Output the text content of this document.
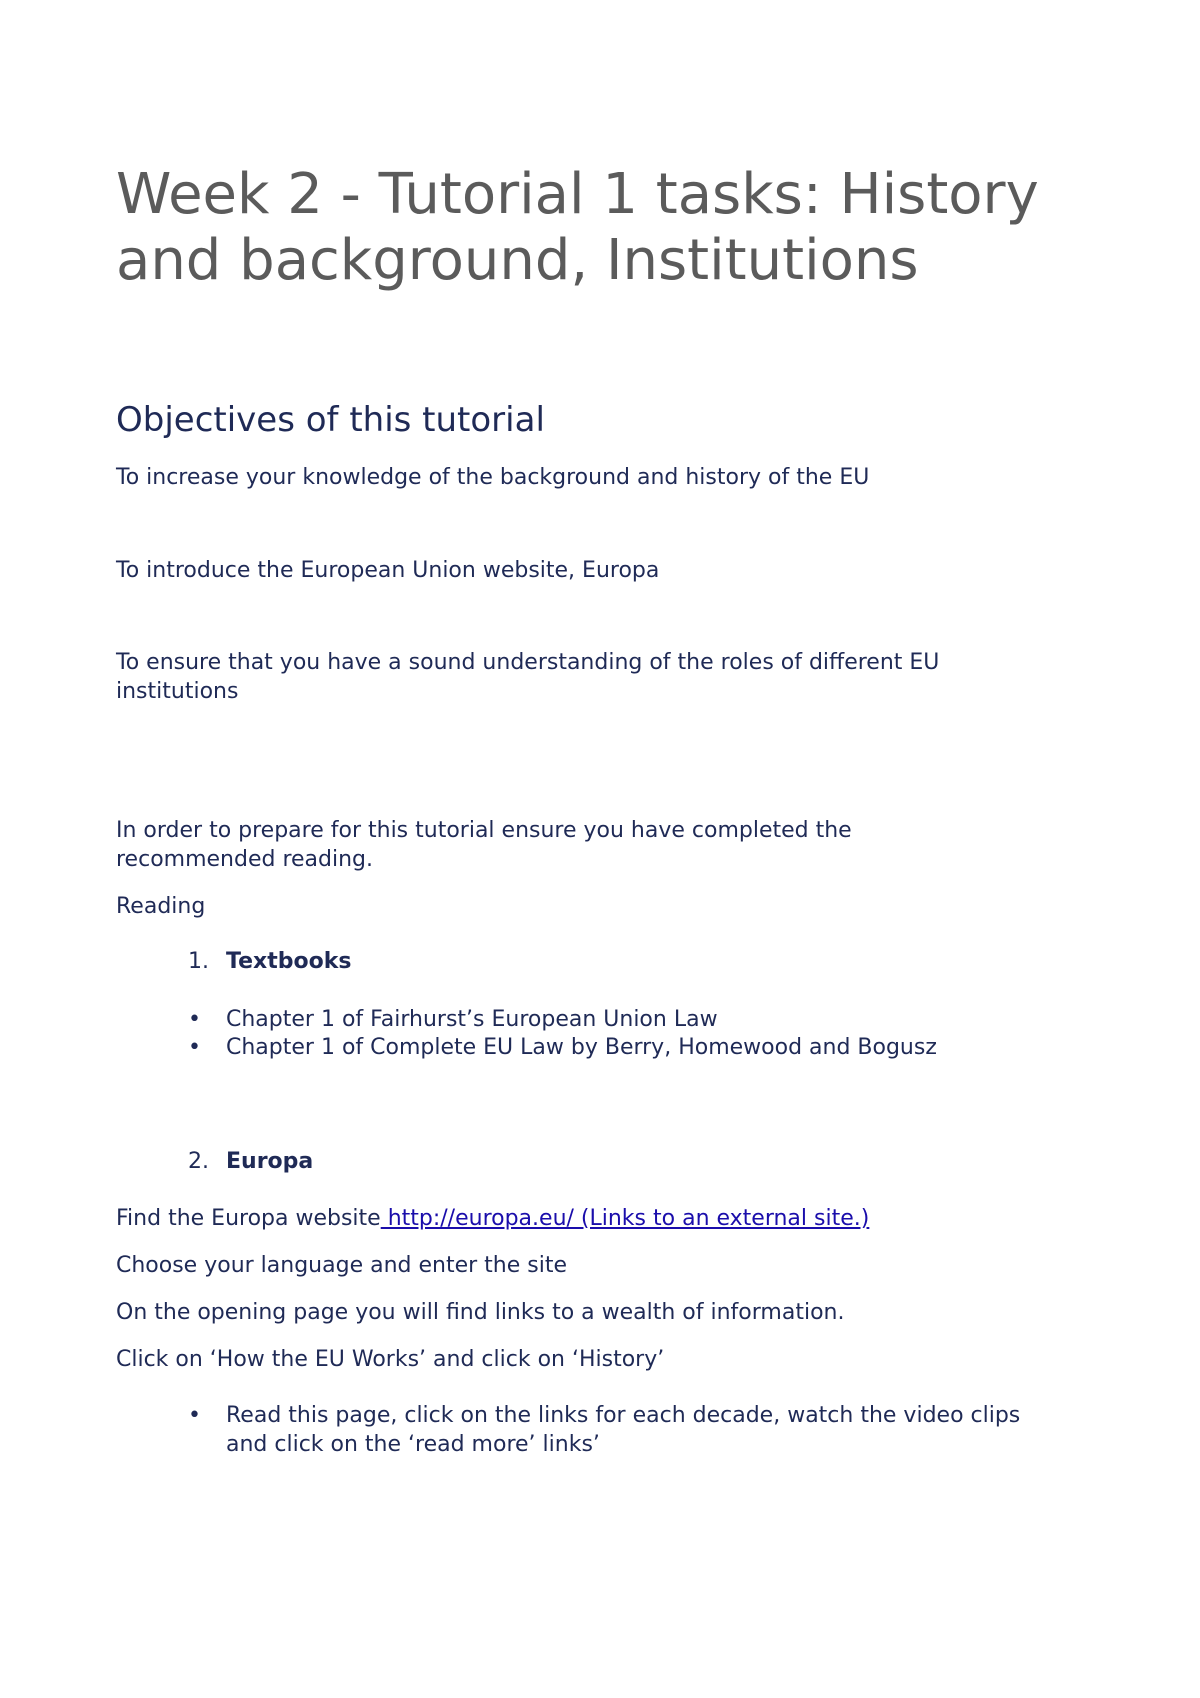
Week 2 - Tutorial 1 tasks: History and background, Institutions
Objectives of this tutorial

To increase your knowledge of the background and history of the EU

To introduce the European Union website, Europa

To ensure that you have a sound understanding of the roles of different EU institutions

In order to prepare for this tutorial ensure you have completed the recommended reading.

Reading

1. Textbooks
•	Chapter 1 of Fairhurst’s European Union Law
•	Chapter 1 of Complete EU Law by Berry, Homewood and Bogusz
2. Europa

Find the Europa website http://europa.eu/ (Links to an external site.)

Choose your language and enter the site

On the opening page you will find links to a wealth of information.

Click on ‘How the EU Works’ and click on ‘History’

•	Read this page, click on the links for each decade, watch the video clips and click on the ‘read more’ links’
